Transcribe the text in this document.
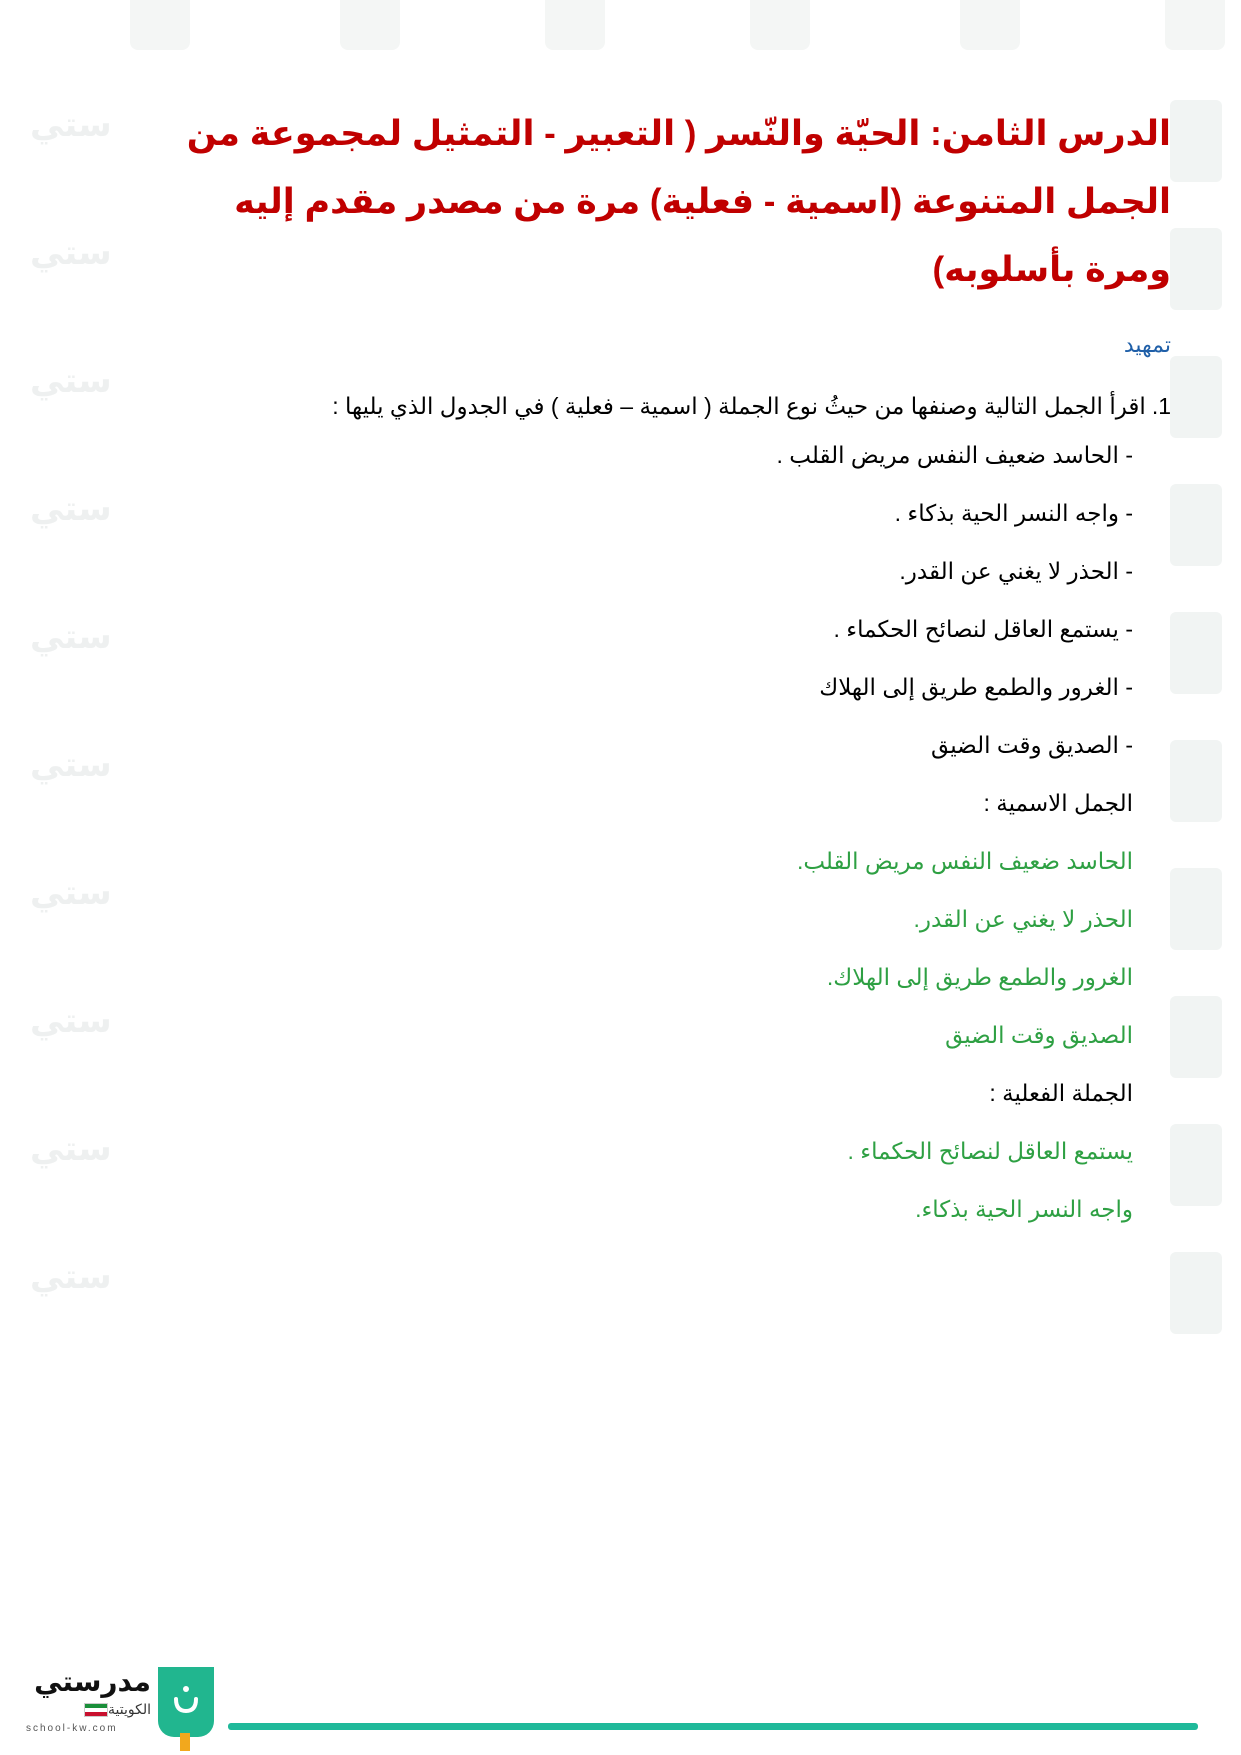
ستي
ستي
ستي
ستي
ستي
ستي
ستي
ستي
ستي
ستي
الدرس الثامن: الحيّة والنّسر ( التعبير - التمثيل لمجموعة من الجمل المتنوعة (اسمية - فعلية) مرة من مصدر مقدم إليه ومرة بأسلوبه)
تمهيد
1.اقرأ الجمل التالية وصنفها من حيثُ نوع الجملة ( اسمية – فعلية ) في الجدول الذي يليها :
- الحاسد ضعيف النفس مريض القلب .
- واجه النسر الحية بذكاء .
- الحذر لا يغني عن القدر.
- يستمع العاقل لنصائح الحكماء .
- الغرور والطمع طريق إلى الهلاك
- الصديق وقت الضيق
الجمل الاسمية :
الحاسد ضعيف النفس مريض القلب.
الحذر لا يغني عن القدر.
الغرور والطمع طريق إلى الهلاك.
الصديق وقت الضيق
الجملة الفعلية :
يستمع العاقل لنصائح الحكماء .
واجه النسر الحية بذكاء.
مدرستي
الكويتية
school-kw.com
